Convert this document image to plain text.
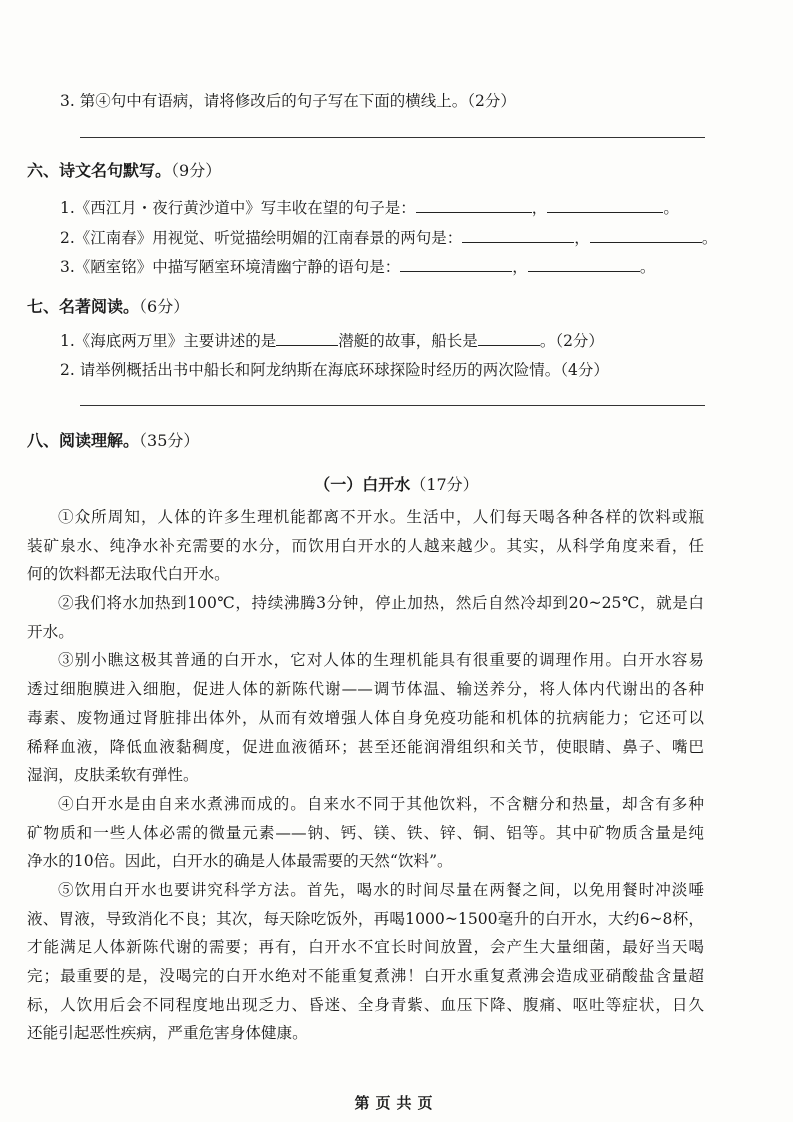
3. 第④句中有语病，请将修改后的句子写在下面的横线上。（2分）
六、诗文名句默写。（9分）
1.《西江月・夜行黄沙道中》写丰收在望的句子是：	，	。
2.《江南春》用视觉、听觉描绘明媚的江南春景的两句是：	，	。
3.《陋室铭》中描写陋室环境清幽宁静的语句是：	，	。
七、名著阅读。（6分）
1.《海底两万里》主要讲述的是	潜艇的故事，船长是	。（2分）
2. 请举例概括出书中船长和阿龙纳斯在海底环球探险时经历的两次险情。（4分）
八、阅读理解。（35分）
（一）白开水（17分）
①众所周知，人体的许多生理机能都离不开水。生活中，人们每天喝各种各样的饮料或瓶
装矿泉水、纯净水补充需要的水分，而饮用白开水的人越来越少。其实，从科学角度来看，任
何的饮料都无法取代白开水。
②我们将水加热到100℃，持续沸腾3分钟，停止加热，然后自然冷却到20~25℃，就是白
开水。
③别小瞧这极其普通的白开水，它对人体的生理机能具有很重要的调理作用。白开水容易
透过细胞膜进入细胞，促进人体的新陈代谢——调节体温、输送养分，将人体内代谢出的各种
毒素、废物通过肾脏排出体外，从而有效增强人体自身免疫功能和机体的抗病能力；它还可以
稀释血液，降低血液黏稠度，促进血液循环；甚至还能润滑组织和关节，使眼睛、鼻子、嘴巴
湿润，皮肤柔软有弹性。
④白开水是由自来水煮沸而成的。自来水不同于其他饮料，不含糖分和热量，却含有多种
矿物质和一些人体必需的微量元素——钠、钙、镁、铁、锌、铜、铝等。其中矿物质含量是纯
净水的10倍。因此，白开水的确是人体最需要的天然“饮料”。
⑤饮用白开水也要讲究科学方法。首先，喝水的时间尽量在两餐之间，以免用餐时冲淡唾
液、胃液，导致消化不良；其次，每天除吃饭外，再喝1000~1500毫升的白开水，大约6~8杯，
才能满足人体新陈代谢的需要；再有，白开水不宜长时间放置，会产生大量细菌，最好当天喝
完；最重要的是，没喝完的白开水绝对不能重复煮沸！白开水重复煮沸会造成亚硝酸盐含量超
标，人饮用后会不同程度地出现乏力、昏迷、全身青紫、血压下降、腹痛、呕吐等症状，日久
还能引起恶性疾病，严重危害身体健康。
第页共页
